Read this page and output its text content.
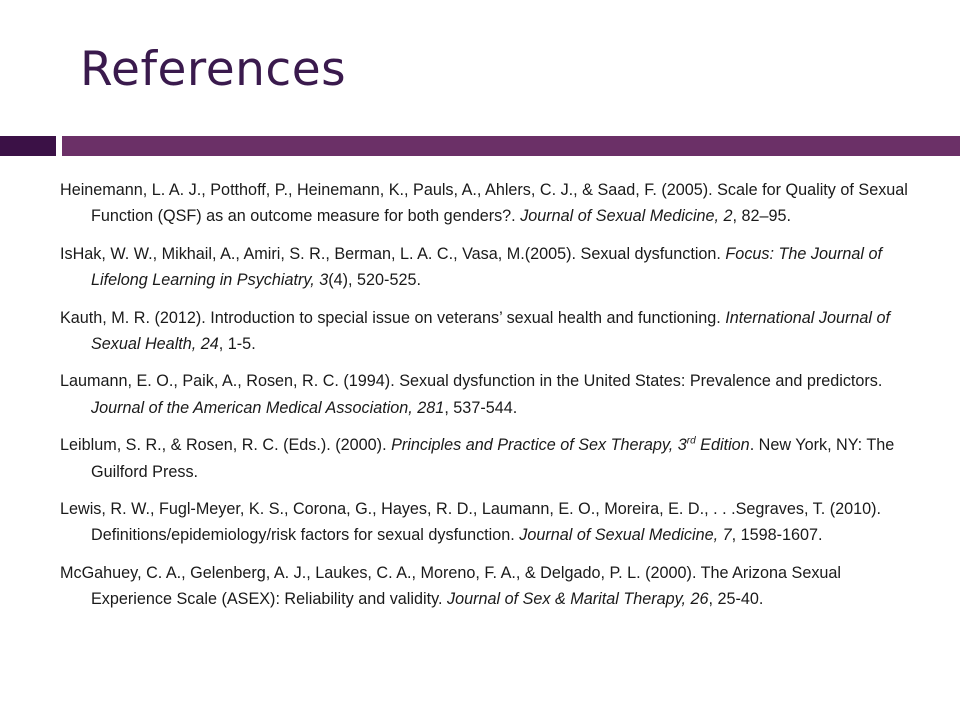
References
Heinemann, L. A. J., Potthoff, P., Heinemann, K., Pauls, A., Ahlers, C. J., & Saad, F. (2005). Scale for Quality of Sexual Function (QSF) as an outcome measure for both genders?. Journal of Sexual Medicine, 2, 82–95.
IsHak, W. W., Mikhail, A., Amiri, S. R., Berman, L. A. C., Vasa, M.(2005). Sexual dysfunction. Focus: The Journal of Lifelong Learning in Psychiatry, 3(4), 520-525.
Kauth, M. R. (2012). Introduction to special issue on veterans’ sexual health and functioning. International Journal of Sexual Health, 24, 1-5.
Laumann, E. O., Paik, A., Rosen, R. C. (1994). Sexual dysfunction in the United States: Prevalence and predictors. Journal of the American Medical Association, 281, 537-544.
Leiblum, S. R., & Rosen, R. C. (Eds.). (2000). Principles and Practice of Sex Therapy, 3rd Edition. New York, NY: The Guilford Press.
Lewis, R. W., Fugl-Meyer, K. S., Corona, G., Hayes, R. D., Laumann, E. O., Moreira, E. D., . . .Segraves, T. (2010). Definitions/epidemiology/risk factors for sexual dysfunction. Journal of Sexual Medicine, 7, 1598-1607.
McGahuey, C. A., Gelenberg, A. J., Laukes, C. A., Moreno, F. A., & Delgado, P. L. (2000). The Arizona Sexual Experience Scale (ASEX): Reliability and validity. Journal of Sex & Marital Therapy, 26, 25-40.
